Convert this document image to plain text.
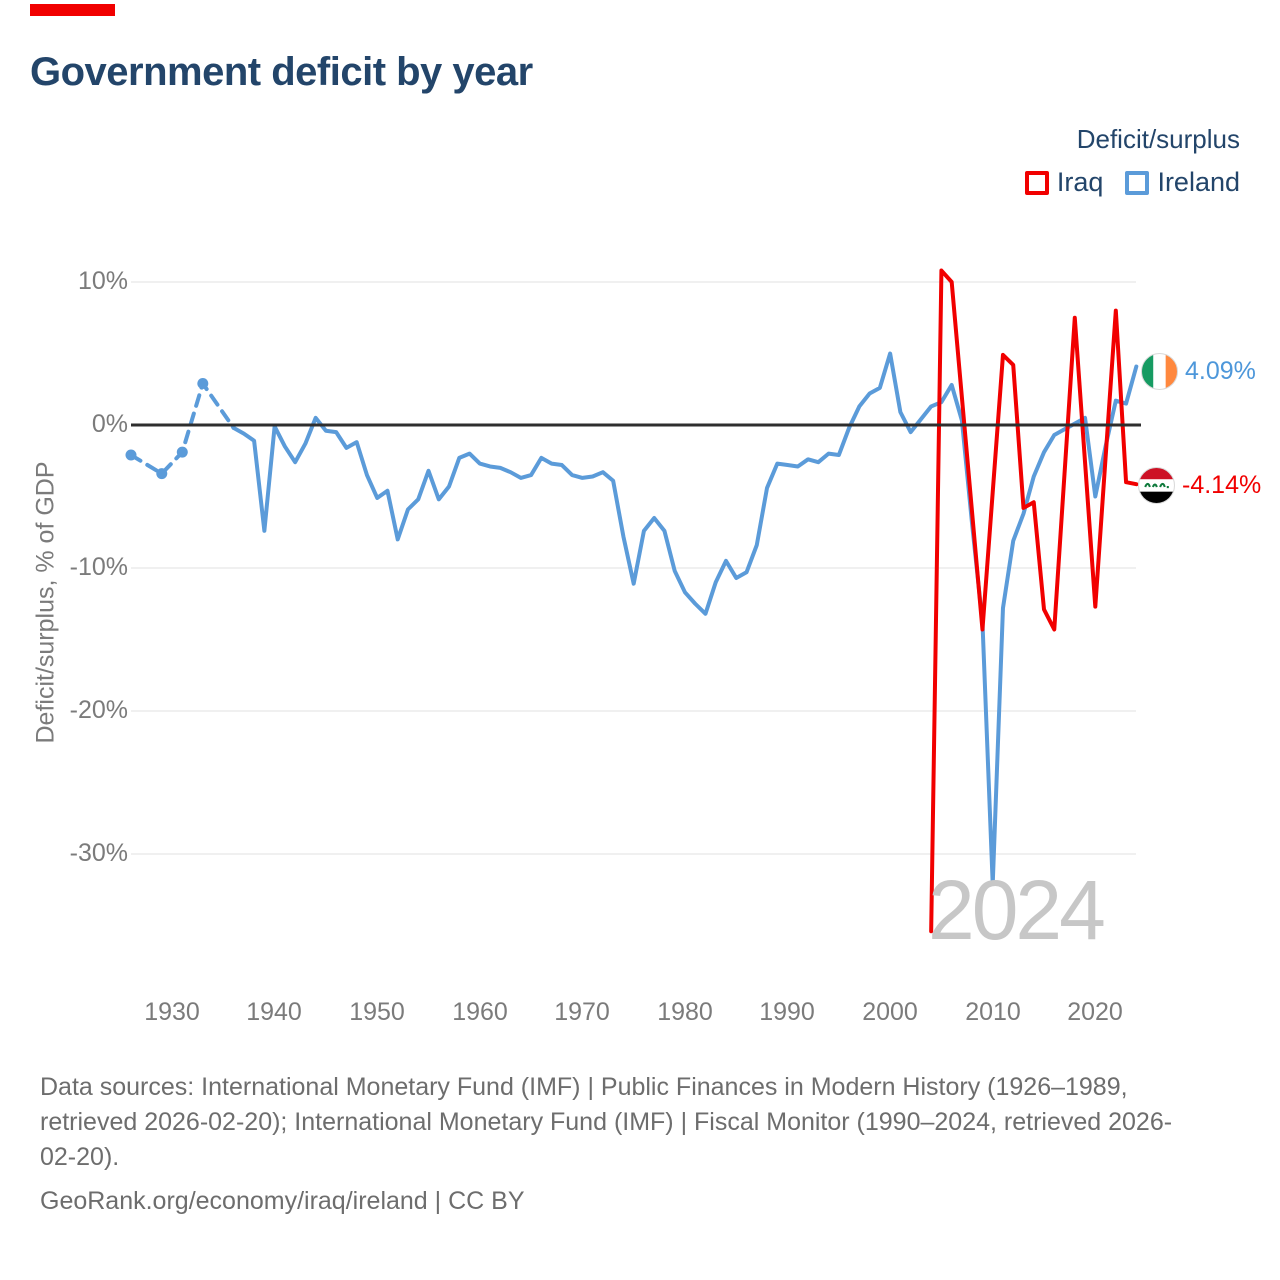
Government deficit by year
Deficit/surplus
Iraq Ireland
10%
0%
-10%
-20%
-30%
Deficit/surplus, % of GDP
1930	1940	1950	1960	1970	1980	1990	2000	2010	2020
2024
4.09%
-4.14%
Data sources: International Monetary Fund (IMF) | Public Finances in Modern History (1926–1989,
retrieved 2026-02-20); International Monetary Fund (IMF) | Fiscal Monitor (1990–2024, retrieved 2026-
02-20).
GeoRank.org/economy/iraq/ireland | CC BY
